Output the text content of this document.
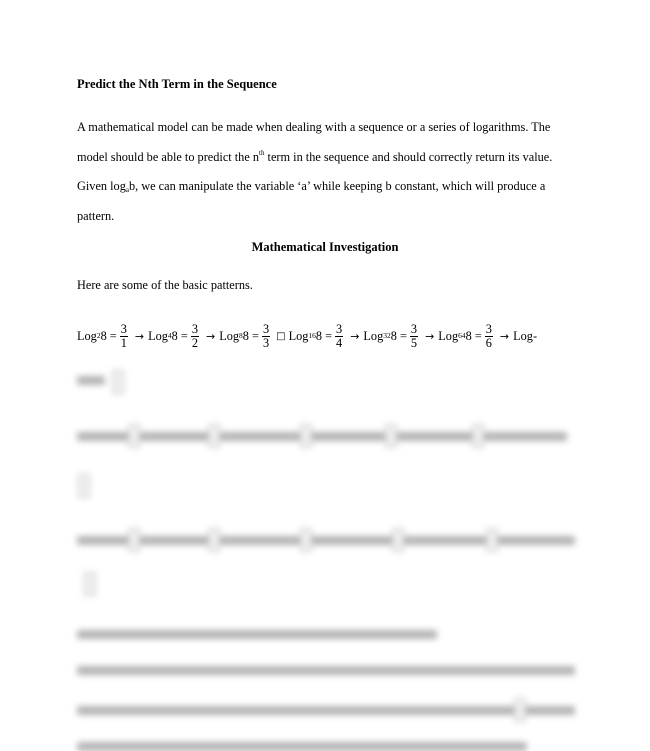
Predict the Nth Term in the Sequence
A mathematical model can be made when dealing with a sequence or a series of logarithms. The model should be able to predict the $n^{th}$ term in the sequence and should correctly return its value. Given $\log_ab$, we can manipulate the variable ‘a’ while keeping b constant, which will produce a pattern.
Mathematical Investigation
Here are some of the basic patterns.
Log 2 $8 = \frac{3}{1}$ → Log 4 $8 = \frac{3}{2}$ → Log 8 $8 = \frac{3}{3}$ □ Log 16 $8 = \frac{3}{4}$ → Log 32 $8 = \frac{3}{5}$ → Log 64 $8 = \frac{3}{6} \to Log-$
